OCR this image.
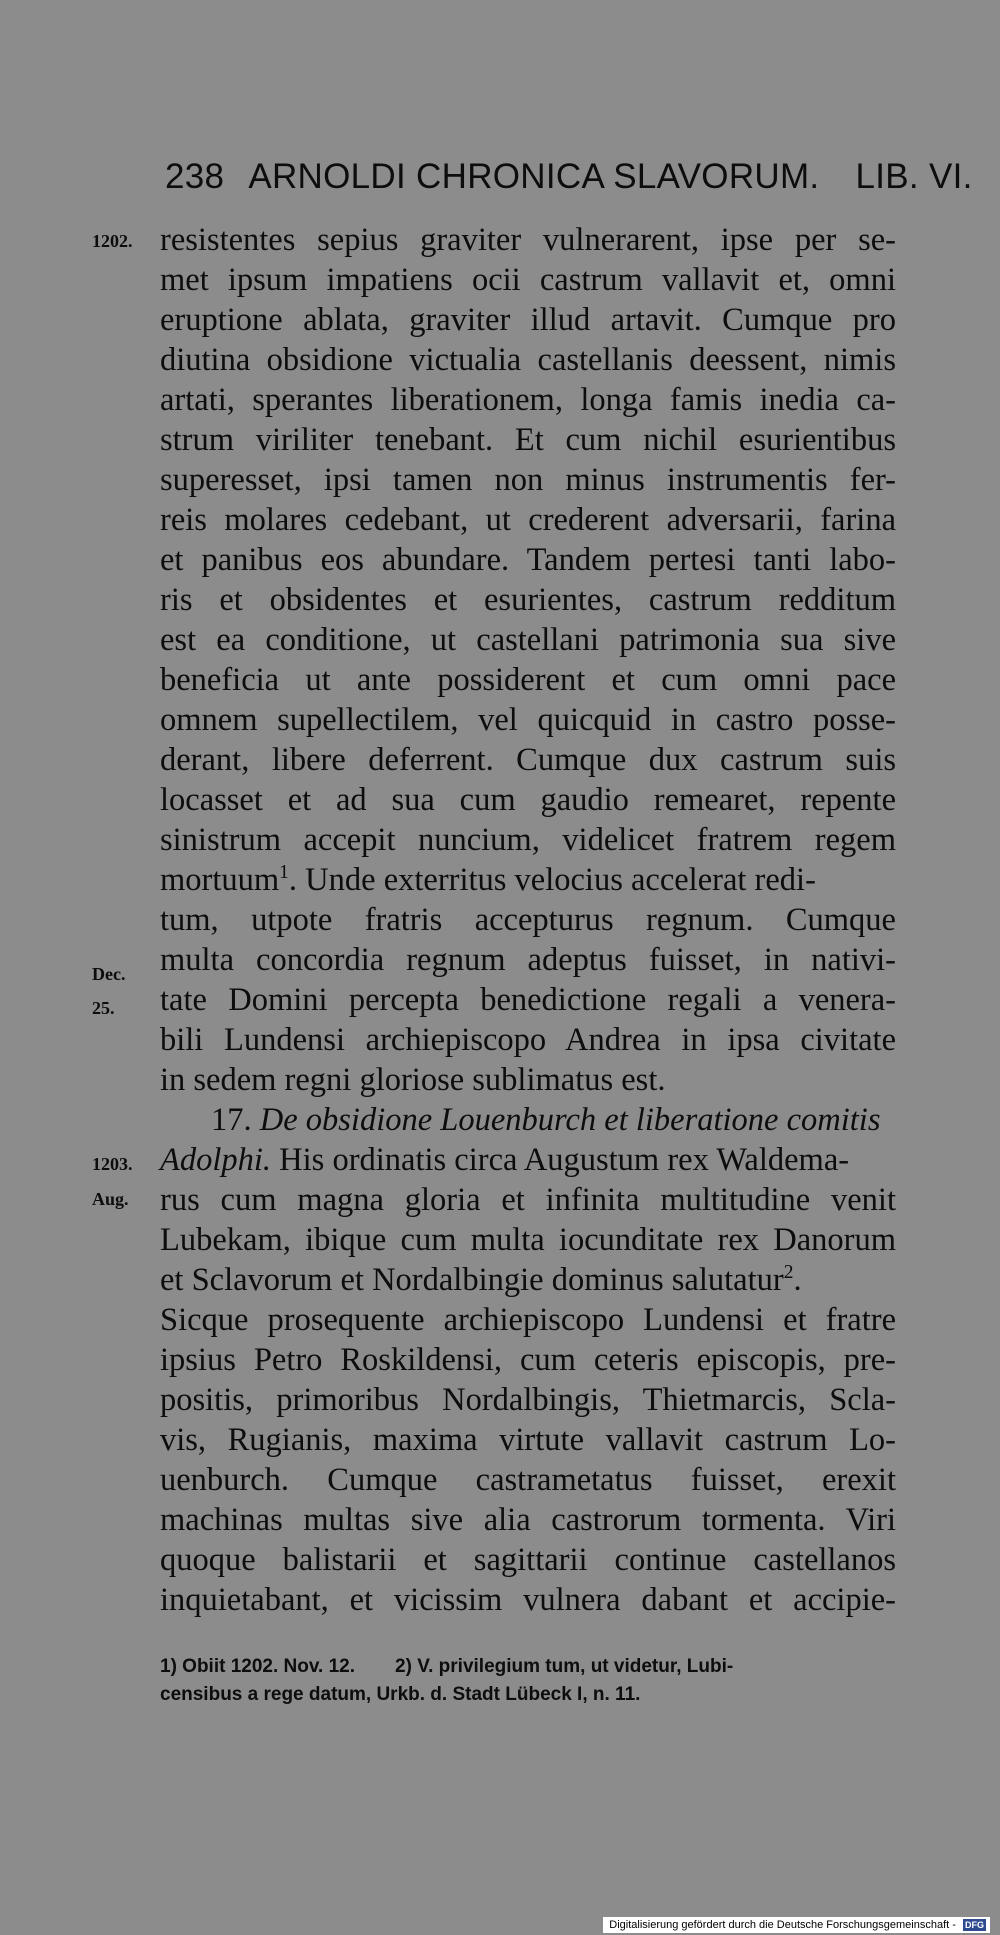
238 ARNOLDI CHRONICA SLAVORUM. LIB. VI.
1202.
Dec.
25.
1203.
Aug.
resistentes sepius graviter vulnerarent, ipse per se-
met ipsum impatiens ocii castrum vallavit et, omni
eruptione ablata, graviter illud artavit. Cumque pro
diutina obsidione victualia castellanis deessent, nimis
artati, sperantes liberationem, longa famis inedia ca-
strum viriliter tenebant. Et cum nichil esurientibus
superesset, ipsi tamen non minus instrumentis fer-
reis molares cedebant, ut crederent adversarii, farina
et panibus eos abundare. Tandem pertesi tanti labo-
ris et obsidentes et esurientes, castrum redditum
est ea conditione, ut castellani patrimonia sua sive
beneficia ut ante possiderent et cum omni pace
omnem supellectilem, vel quicquid in castro posse-
derant, libere deferrent. Cumque dux castrum suis
locasset et ad sua cum gaudio remearet, repente
sinistrum accepit nuncium, videlicet fratrem regem
mortuum$^1$. Unde exterritus velocius accelerat redi-
tum, utpote fratris accepturus regnum. Cumque
multa concordia regnum adeptus fuisset, in nativi-
tate Domini percepta benedictione regali a venera-
bili Lundensi archiepiscopo Andrea in ipsa civitate
in sedem regni gloriose sublimatus est.
17. De obsidione Louenburch et liberatione comitis
Adolphi. His ordinatis circa Augustum rex Waldema-
rus cum magna gloria et infinita multitudine venit
Lubekam, ibique cum multa iocunditate rex Danorum
et Sclavorum et Nordalbingie dominus salutatur$^2$.
Sicque prosequente archiepiscopo Lundensi et fratre
ipsius Petro Roskildensi, cum ceteris episcopis, pre-
positis, primoribus Nordalbingis, Thietmarcis, Scla-
vis, Rugianis, maxima virtute vallavit castrum Lo-
uenburch. Cumque castrametatus fuisset, erexit
machinas multas sive alia castrorum tormenta. Viri
quoque balistarii et sagittarii continue castellanos
inquietabant, et vicissim vulnera dabant et accipie-
1) Obiit 1202. Nov. 12. 2) V. privilegium tum, ut videtur, Lubi-
censibus a rege datum, Urkb. d. Stadt Lübeck I, n. 11.
Digitalisierung gefördert durch die Deutsche Forschungsgemeinschaft - DFG
